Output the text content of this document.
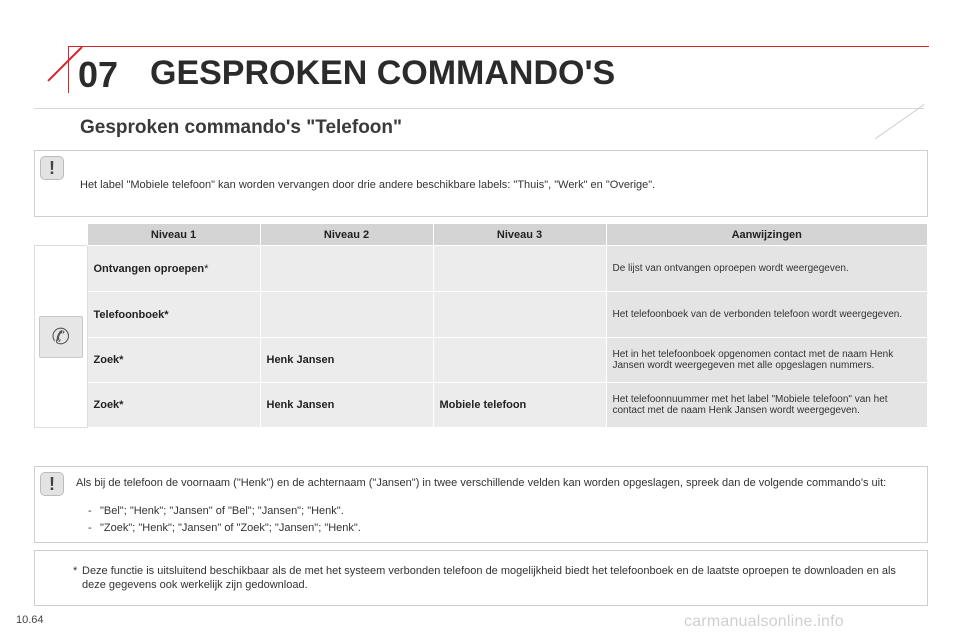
07 GESPROKEN COMMANDO'S
Gesproken commando's "Telefoon"
!
Het label "Mobiele telefoon" kan worden vervangen door drie andere beschikbare labels: "Thuis", "Werk" en "Overige".
	Niveau 1	Niveau 2	Niveau 3	Aanwijzingen
✆	Ontvangen oproepen*			De lijst van ontvangen oproepen wordt weergegeven.
	Telefoonboek*			Het telefoonboek van de verbonden telefoon wordt weergegeven.
	Zoek*	Henk Jansen		Het in het telefoonboek opgenomen contact met de naam Henk Jansen wordt weergegeven met alle opgeslagen nummers.
	Zoek*	Henk Jansen	Mobiele telefoon	Het telefoonnuummer met het label "Mobiele telefoon" van het contact met de naam Henk Jansen wordt weergegeven.
!	Als bij de telefoon de voornaam ("Henk") en de achternaam ("Jansen") in twee verschillende velden kan worden opgeslagen, spreek dan de volgende commando's uit:
- "Bel"; "Henk"; "Jansen" of "Bel"; "Jansen"; "Henk".
- "Zoek"; "Henk"; "Jansen" of "Zoek"; "Jansen"; "Henk".
* Deze functie is uitsluitend beschikbaar als de met het systeem verbonden telefoon de mogelijkheid biedt het telefoonboek en de laatste oproepen te downloaden en als deze gegevens ook werkelijk zijn gedownload.
10.64	carmanualsonline.info
